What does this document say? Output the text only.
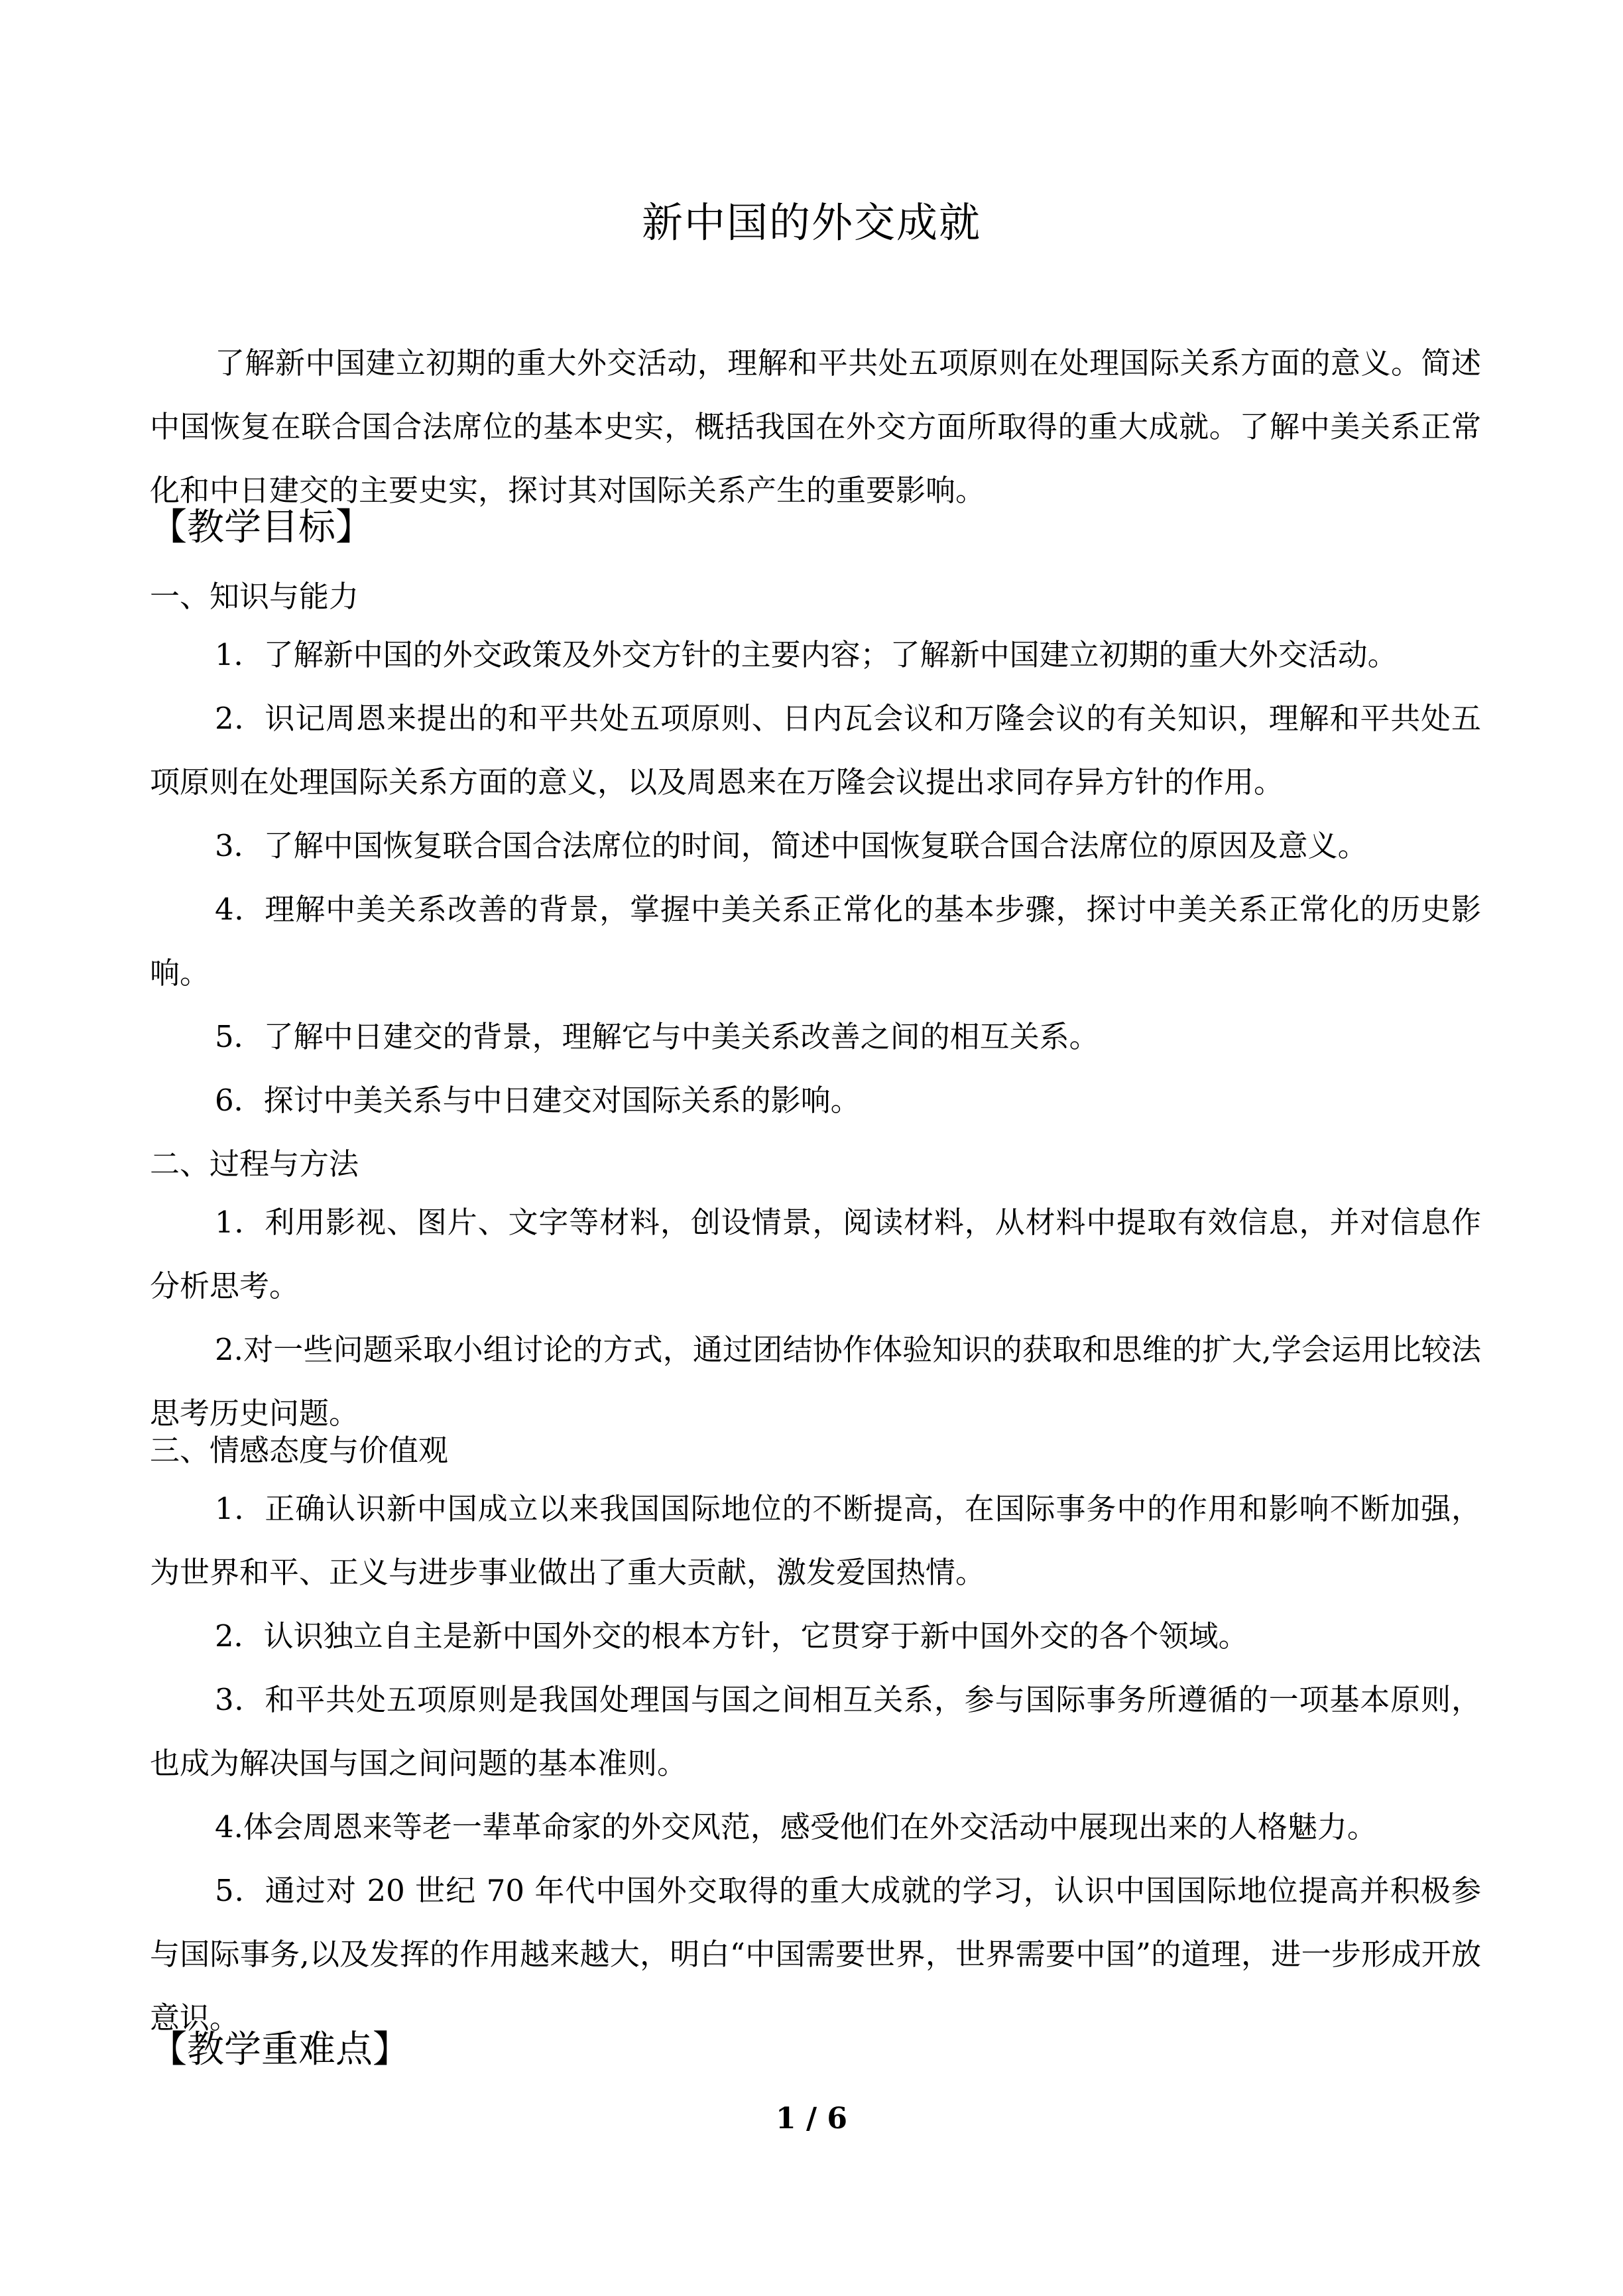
新中国的外交成就
了解新中国建立初期的重大外交活动，理解和平共处五项原则在处理国际关系方面的意义。简述中国恢复在联合国合法席位的基本史实，概括我国在外交方面所取得的重大成就。了解中美关系正常化和中日建交的主要史实，探讨其对国际关系产生的重要影响。
【教学目标】
一、知识与能力
1．了解新中国的外交政策及外交方针的主要内容；了解新中国建立初期的重大外交活动。
2．识记周恩来提出的和平共处五项原则、日内瓦会议和万隆会议的有关知识，理解和平共处五项原则在处理国际关系方面的意义，以及周恩来在万隆会议提出求同存异方针的作用。
3．了解中国恢复联合国合法席位的时间，简述中国恢复联合国合法席位的原因及意义。
4．理解中美关系改善的背景，掌握中美关系正常化的基本步骤，探讨中美关系正常化的历史影响。
5．了解中日建交的背景，理解它与中美关系改善之间的相互关系。
6．探讨中美关系与中日建交对国际关系的影响。
二、过程与方法
1．利用影视、图片、文字等材料，创设情景，阅读材料，从材料中提取有效信息，并对信息作分析思考。
2.对一些问题采取小组讨论的方式，通过团结协作体验知识的获取和思维的扩大,学会运用比较法思考历史问题。
三、情感态度与价值观
1．正确认识新中国成立以来我国国际地位的不断提高，在国际事务中的作用和影响不断加强，为世界和平、正义与进步事业做出了重大贡献，激发爱国热情。
2．认识独立自主是新中国外交的根本方针，它贯穿于新中国外交的各个领域。
3．和平共处五项原则是我国处理国与国之间相互关系，参与国际事务所遵循的一项基本原则，也成为解决国与国之间问题的基本准则。
4.体会周恩来等老一辈革命家的外交风范，感受他们在外交活动中展现出来的人格魅力。
5．通过对 20 世纪 70 年代中国外交取得的重大成就的学习，认识中国国际地位提高并积极参与国际事务,以及发挥的作用越来越大，明白“中国需要世界，世界需要中国”的道理，进一步形成开放意识。
【教学重难点】
1 / 6
